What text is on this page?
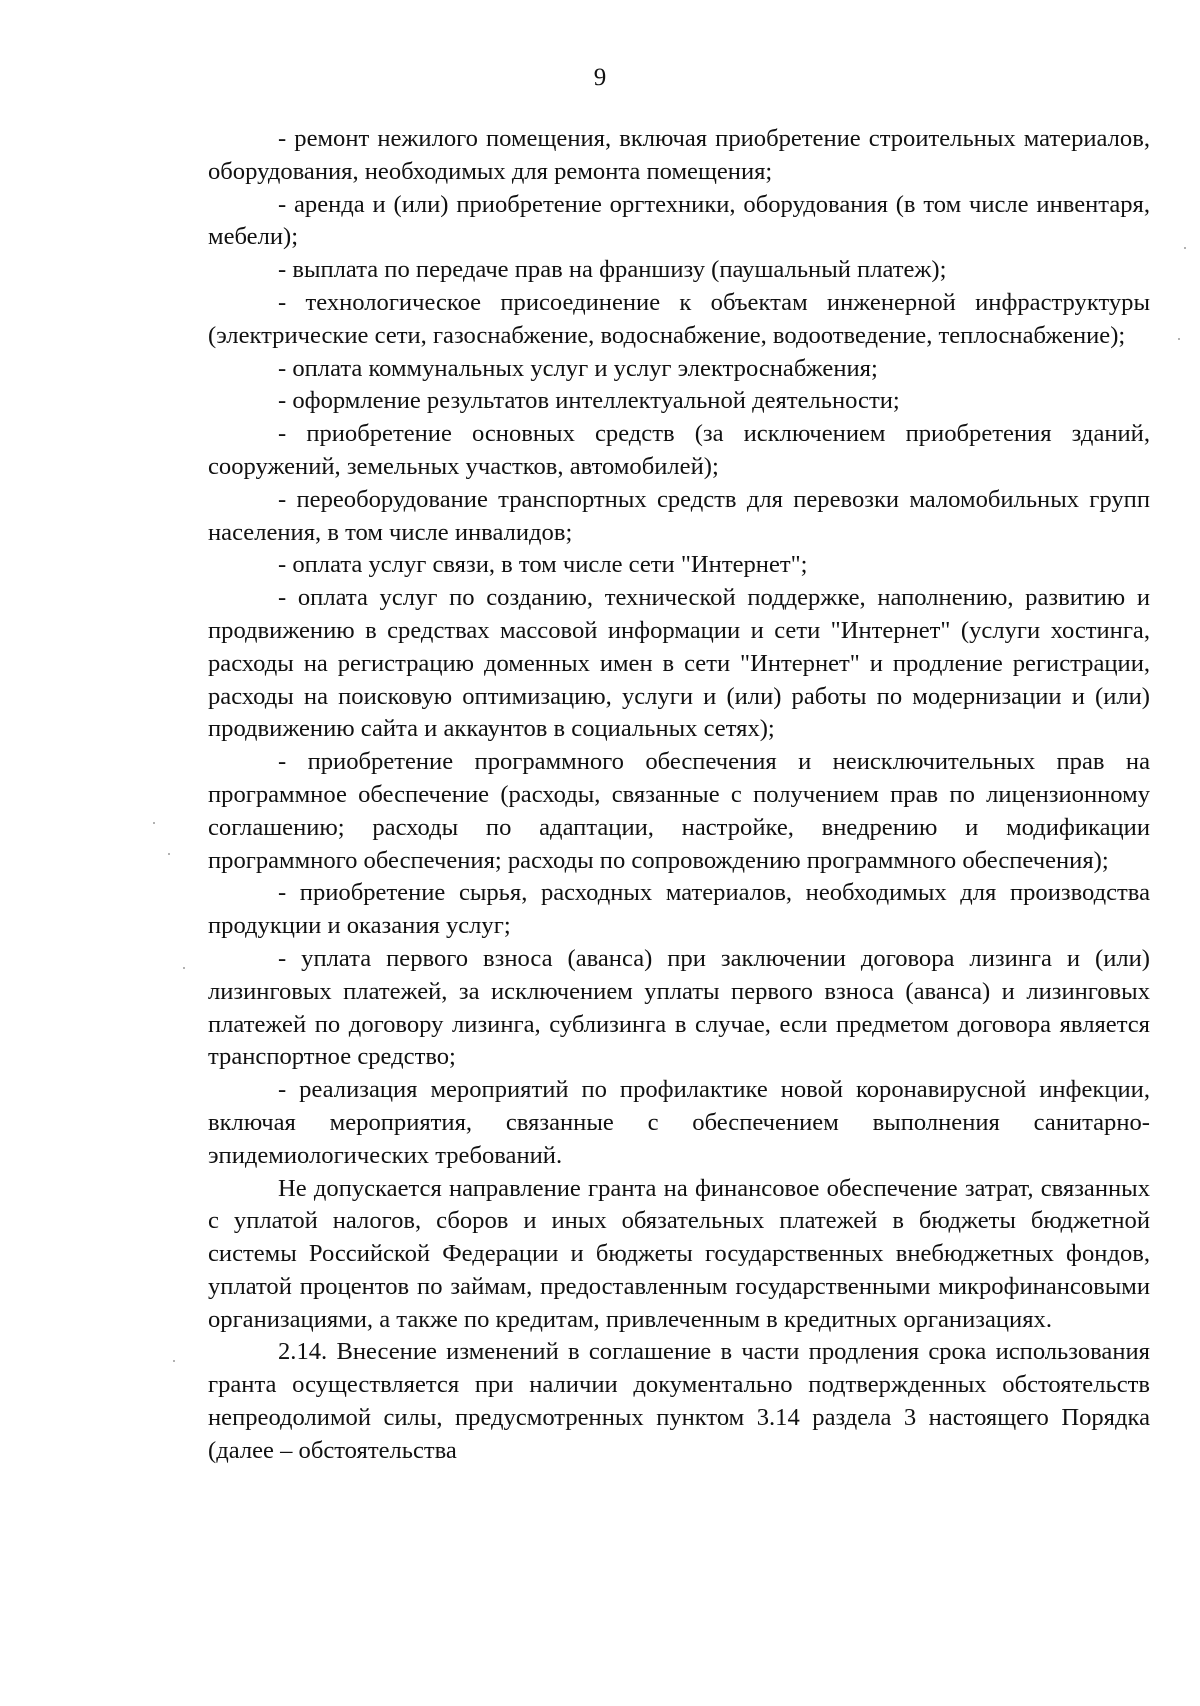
9

- ремонт нежилого помещения, включая приобретение строительных материалов, оборудования, необходимых для ремонта помещения;

- аренда и (или) приобретение оргтехники, оборудования (в том числе инвентаря, мебели);

- выплата по передаче прав на франшизу (паушальный платеж);

- технологическое присоединение к объектам инженерной инфраструктуры (электрические сети, газоснабжение, водоснабжение, водоотведение, теплоснабжение);

- оплата коммунальных услуг и услуг электроснабжения;

- оформление результатов интеллектуальной деятельности;

- приобретение основных средств (за исключением приобретения зданий, сооружений, земельных участков, автомобилей);

- переоборудование транспортных средств для перевозки маломобильных групп населения, в том числе инвалидов;

- оплата услуг связи, в том числе сети "Интернет";

- оплата услуг по созданию, технической поддержке, наполнению, развитию и продвижению в средствах массовой информации и сети "Интернет" (услуги хостинга, расходы на регистрацию доменных имен в сети "Интернет" и продление регистрации, расходы на поисковую оптимизацию, услуги и (или) работы по модернизации и (или) продвижению сайта и аккаунтов в социальных сетях);

- приобретение программного обеспечения и неисключительных прав на программное обеспечение (расходы, связанные с получением прав по лицензионному соглашению; расходы по адаптации, настройке, внедрению и модификации программного обеспечения; расходы по сопровождению программного обеспечения);

- приобретение сырья, расходных материалов, необходимых для производства продукции и оказания услуг;

- уплата первого взноса (аванса) при заключении договора лизинга и (или) лизинговых платежей, за исключением уплаты первого взноса (аванса) и лизинговых платежей по договору лизинга, сублизинга в случае, если предметом договора является транспортное средство;

- реализация мероприятий по профилактике новой коронавирусной инфекции, включая мероприятия, связанные с обеспечением выполнения санитарно-эпидемиологических требований.

Не допускается направление гранта на финансовое обеспечение затрат, связанных с уплатой налогов, сборов и иных обязательных платежей в бюджеты бюджетной системы Российской Федерации и бюджеты государственных внебюджетных фондов, уплатой процентов по займам, предоставленным государственными микрофинансовыми организациями, а также по кредитам, привлеченным в кредитных организациях.

2.14. Внесение изменений в соглашение в части продления срока использования гранта осуществляется при наличии документально подтвержденных обстоятельств непреодолимой силы, предусмотренных пунктом 3.14 раздела 3 настоящего Порядка (далее – обстоятельства
